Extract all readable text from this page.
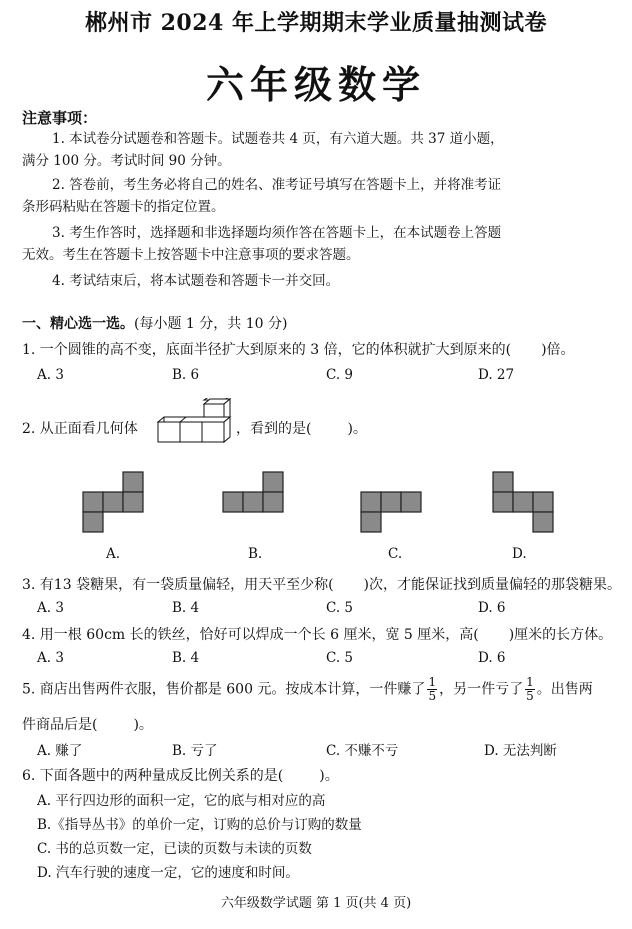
郴州市 2024 年上学期期末学业质量抽测试卷
六年级数学
注意事项：
1. 本试卷分试题卷和答题卡。试题卷共 4 页，有六道大题。共 37 道小题，
满分 100 分。考试时间 90 分钟。
2. 答卷前，考生务必将自己的姓名、准考证号填写在答题卡上，并将准考证
条形码粘贴在答题卡的指定位置。
3. 考生作答时，选择题和非选择题均须作答在答题卡上，在本试题卷上答题
无效。考生在答题卡上按答题卡中注意事项的要求答题。
4. 考试结束后，将本试题卷和答题卡一并交回。
一、精心选一选。(每小题 1 分，共 10 分)
1. 一个圆锥的高不变，底面半径扩大到原来的 3 倍，它的体积就扩大到原来的( )倍。
A. 3	B. 6	C. 9	D. 27
2. 从正面看几何体	，看到的是(	)。
A.	B.	C.	D.
3. 有13 袋糖果，有一袋质量偏轻，用天平至少称( )次，才能保证找到质量偏轻的那袋糖果。
A. 3	B. 4	C. 5	D. 6
4. 用一根 60cm 长的铁丝，恰好可以焊成一个长 6 厘米，宽 5 厘米，高( )厘米的长方体。
A. 3	B. 4	C. 5	D. 6
5. 商店出售两件衣服，售价都是 600 元。按成本计算，一件赚了 $\frac{1}{5}$ ，另一件亏了 $\frac{1}{5}$ 。出售两
件商品后是(	)。
A. 赚了	B. 亏了	C. 不赚不亏	D. 无法判断
6. 下面各题中的两种量成反比例关系的是(	)。
A. 平行四边形的面积一定，它的底与相对应的高
B.《指导丛书》的单价一定，订购的总价与订购的数量
C. 书的总页数一定，已读的页数与未读的页数
D. 汽车行驶的速度一定，它的速度和时间。
六年级数学试题 第 1 页(共 4 页)
